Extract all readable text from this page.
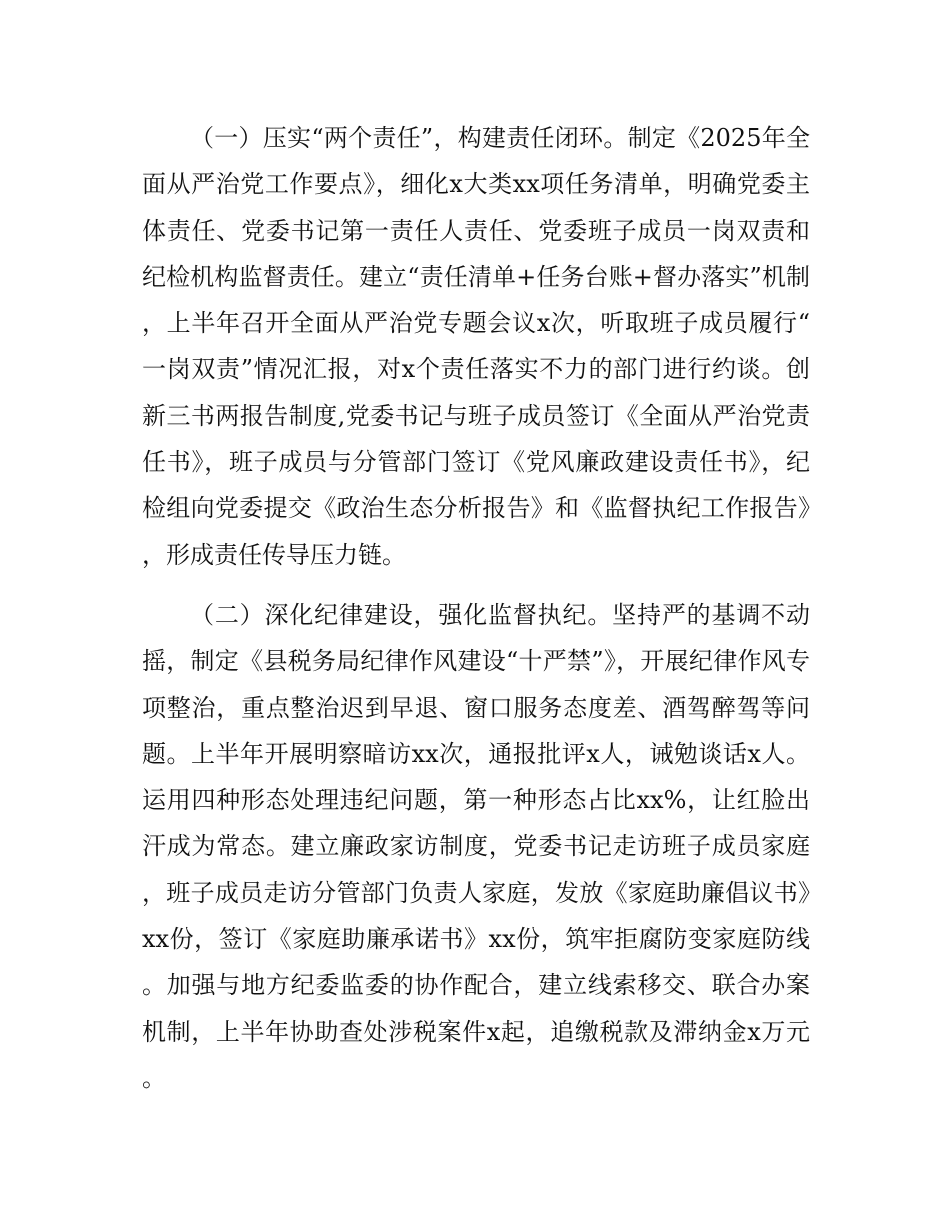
（一）压实“两个责任”，构建责任闭环。制定《2025年全面从严治党工作要点》，细化x大类xx项任务清单，明确党委主体责任、党委书记第一责任人责任、党委班子成员一岗双责和纪检机构监督责任。建立“责任清单+任务台账+督办落实”机制，上半年召开全面从严治党专题会议x次，听取班子成员履行“一岗双责”情况汇报，对x个责任落实不力的部门进行约谈。创新三书两报告制度,党委书记与班子成员签订《全面从严治党责任书》，班子成员与分管部门签订《党风廉政建设责任书》，纪检组向党委提交《政治生态分析报告》和《监督执纪工作报告》，形成责任传导压力链。

（二）深化纪律建设，强化监督执纪。坚持严的基调不动摇，制定《县税务局纪律作风建设“十严禁”》，开展纪律作风专项整治，重点整治迟到早退、窗口服务态度差、酒驾醉驾等问题。上半年开展明察暗访xx次，通报批评x人，诫勉谈话x人。运用四种形态处理违纪问题，第一种形态占比xx%，让红脸出汗成为常态。建立廉政家访制度，党委书记走访班子成员家庭，班子成员走访分管部门负责人家庭，发放《家庭助廉倡议书》xx份，签订《家庭助廉承诺书》xx份，筑牢拒腐防变家庭防线。加强与地方纪委监委的协作配合，建立线索移交、联合办案机制，上半年协助查处涉税案件x起，追缴税款及滞纳金x万元。
